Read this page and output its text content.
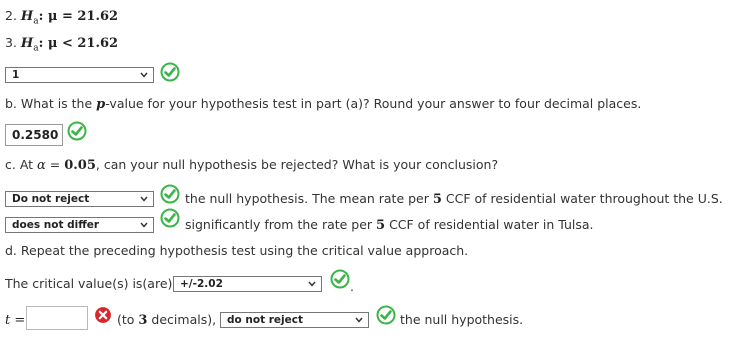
2. $H_a$: μ = 21.62
3. $H_a$: μ < 21.62
1
b. What is the p-value for your hypothesis test in part (a)? Round your answer to four decimal places.
0.2580
c. At α = 0.05, can your null hypothesis be rejected? What is your conclusion?
Do not reject	the null hypothesis. The mean rate per 5 CCF of residential water throughout the U.S.
does not differ	significantly from the rate per 5 CCF of residential water in Tulsa.
d. Repeat the preceding hypothesis test using the critical value approach.
The critical value(s) is(are) +/-2.02	.
t =	(to 3 decimals),	do not reject	the null hypothesis.
